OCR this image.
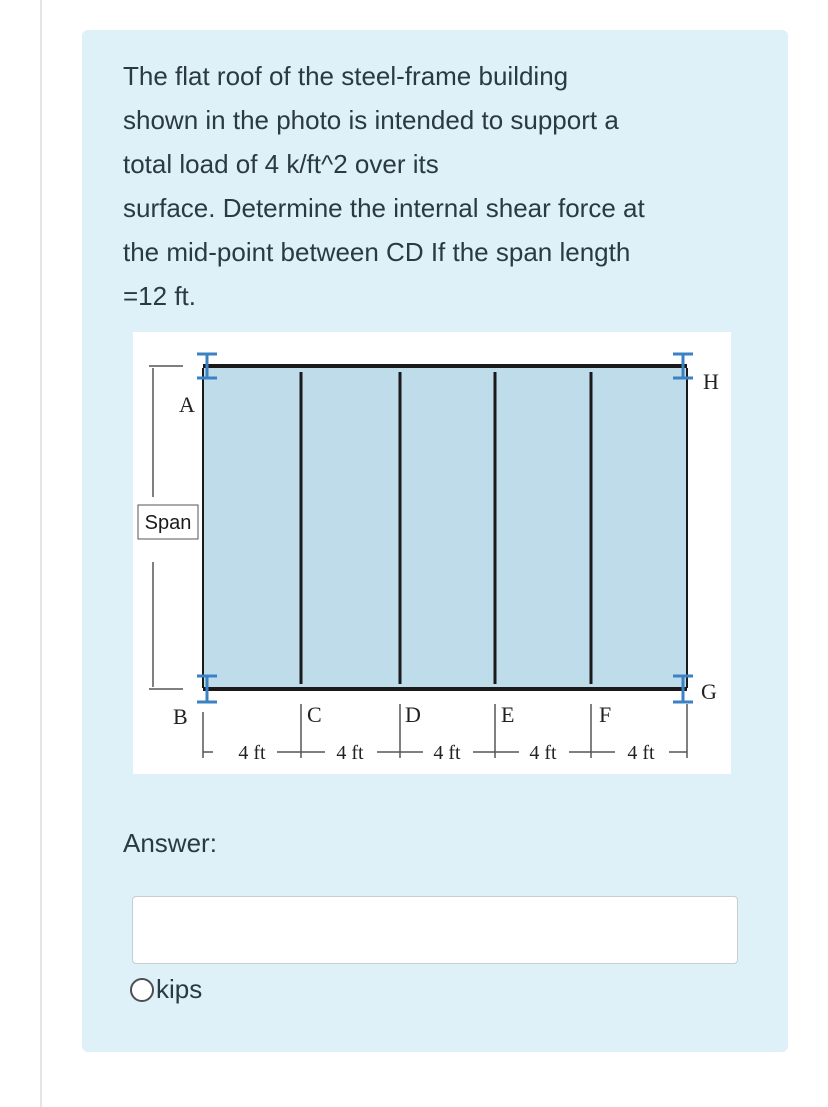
The flat roof of the steel-frame building
shown in the photo is intended to support a
total load of 4 k/ft^2 over its
surface. Determine the internal shear force at
the mid-point between CD If the span length
=12 ft.
Span
A
B	C	D	E	F
G
H
4 ft	4 ft	4 ft	4 ft	4 ft
Answer:
kips
